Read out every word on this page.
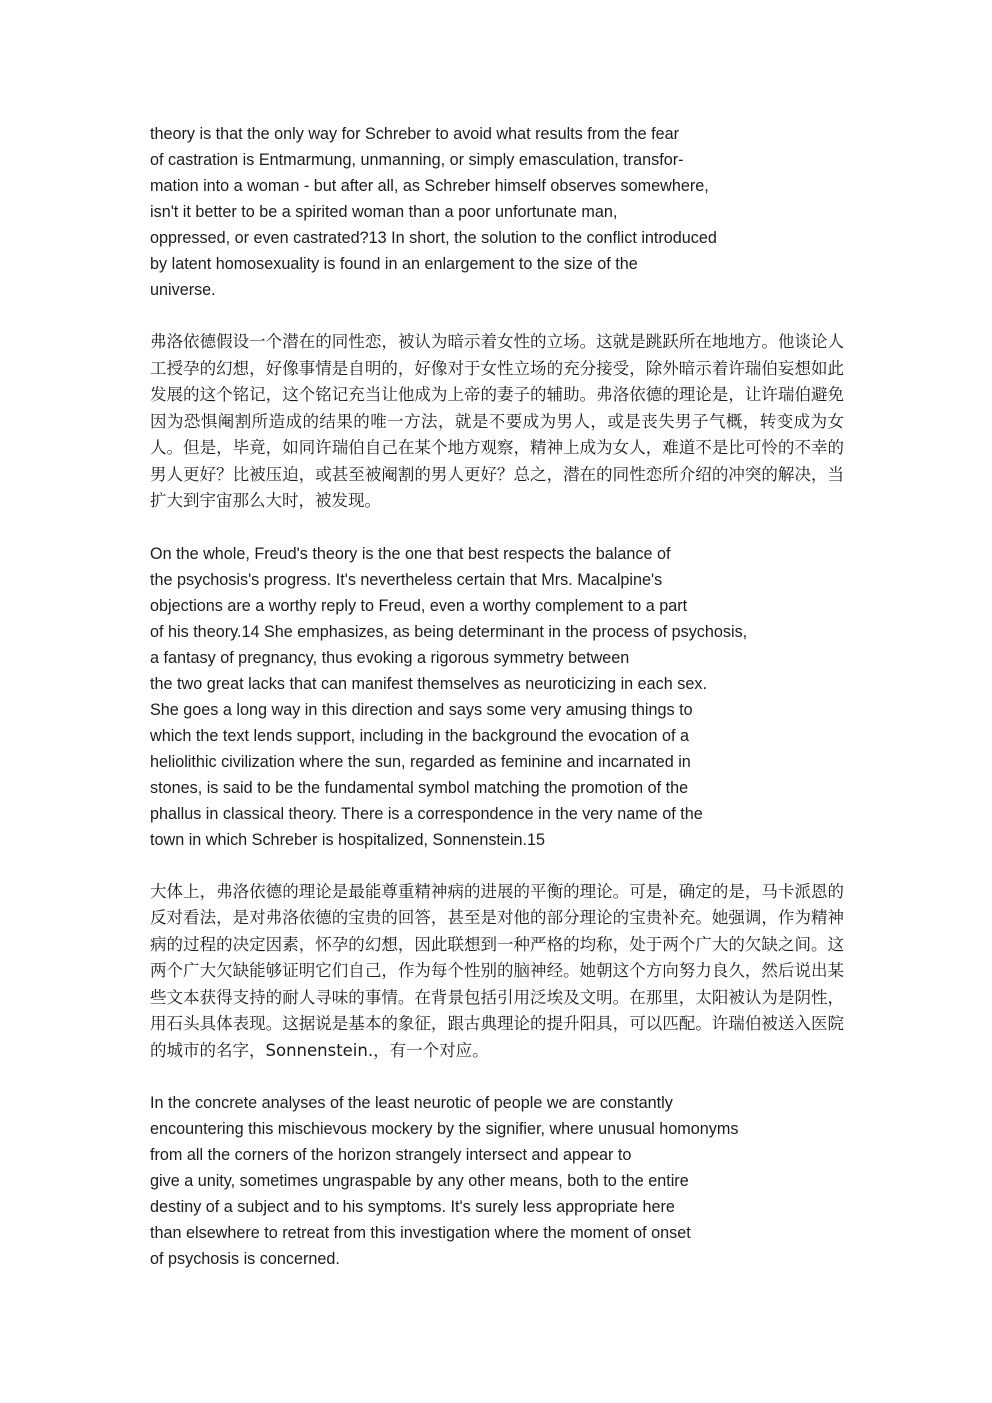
theory is that the only way for Schreber to avoid what results from the fear
of castration is Entmarmung, unmanning, or simply emasculation, transfor-
mation into a woman - but after all, as Schreber himself observes somewhere,
isn't it better to be a spirited woman than a poor unfortunate man,
oppressed, or even castrated?13 In short, the solution to the conflict introduced
by latent homosexuality is found in an enlargement to the size of the
universe.

弗洛依德假设一个潜在的同性恋，被认为暗示着女性的立场。这就是跳跃所在地地方。他谈论人工授孕的幻想，好像事情是自明的，好像对于女性立场的充分接受，除外暗示着许瑞伯妄想如此发展的这个铭记，这个铭记充当让他成为上帝的妻子的辅助。弗洛依德的理论是，让许瑞伯避免因为恐惧阉割所造成的结果的唯一方法，就是不要成为男人，或是丧失男子气概，转变成为女人。但是，毕竟，如同许瑞伯自己在某个地方观察，精神上成为女人，难道不是比可怜的不幸的男人更好？比被压迫，或甚至被阉割的男人更好？总之，潜在的同性恋所介绍的冲突的解决，当扩大到宇宙那么大时，被发现。

On the whole, Freud's theory is the one that best respects the balance of
the psychosis's progress. It's nevertheless certain that Mrs. Macalpine's
objections are a worthy reply to Freud, even a worthy complement to a part
of his theory.14 She emphasizes, as being determinant in the process of psychosis,
a fantasy of pregnancy, thus evoking a rigorous symmetry between
the two great lacks that can manifest themselves as neuroticizing in each sex.
She goes a long way in this direction and says some very amusing things to
which the text lends support, including in the background the evocation of a
heliolithic civilization where the sun, regarded as feminine and incarnated in
stones, is said to be the fundamental symbol matching the promotion of the
phallus in classical theory. There is a correspondence in the very name of the
town in which Schreber is hospitalized, Sonnenstein.15

大体上，弗洛依德的理论是最能尊重精神病的进展的平衡的理论。可是，确定的是，马卡派恩的反对看法，是对弗洛依德的宝贵的回答，甚至是对他的部分理论的宝贵补充。她强调，作为精神病的过程的决定因素，怀孕的幻想，因此联想到一种严格的均称，处于两个广大的欠缺之间。这两个广大欠缺能够证明它们自己，作为每个性别的脑神经。她朝这个方向努力良久，然后说出某些文本获得支持的耐人寻味的事情。在背景包括引用泛埃及文明。在那里，太阳被认为是阴性，用石头具体表现。这据说是基本的象征，跟古典理论的提升阳具，可以匹配。许瑞伯被送入医院的城市的名字，Sonnenstein.，有一个对应。

In the concrete analyses of the least neurotic of people we are constantly
encountering this mischievous mockery by the signifier, where unusual homonyms
from all the corners of the horizon strangely intersect and appear to
give a unity, sometimes ungraspable by any other means, both to the entire
destiny of a subject and to his symptoms. It's surely less appropriate here
than elsewhere to retreat from this investigation where the moment of onset
of psychosis is concerned.
